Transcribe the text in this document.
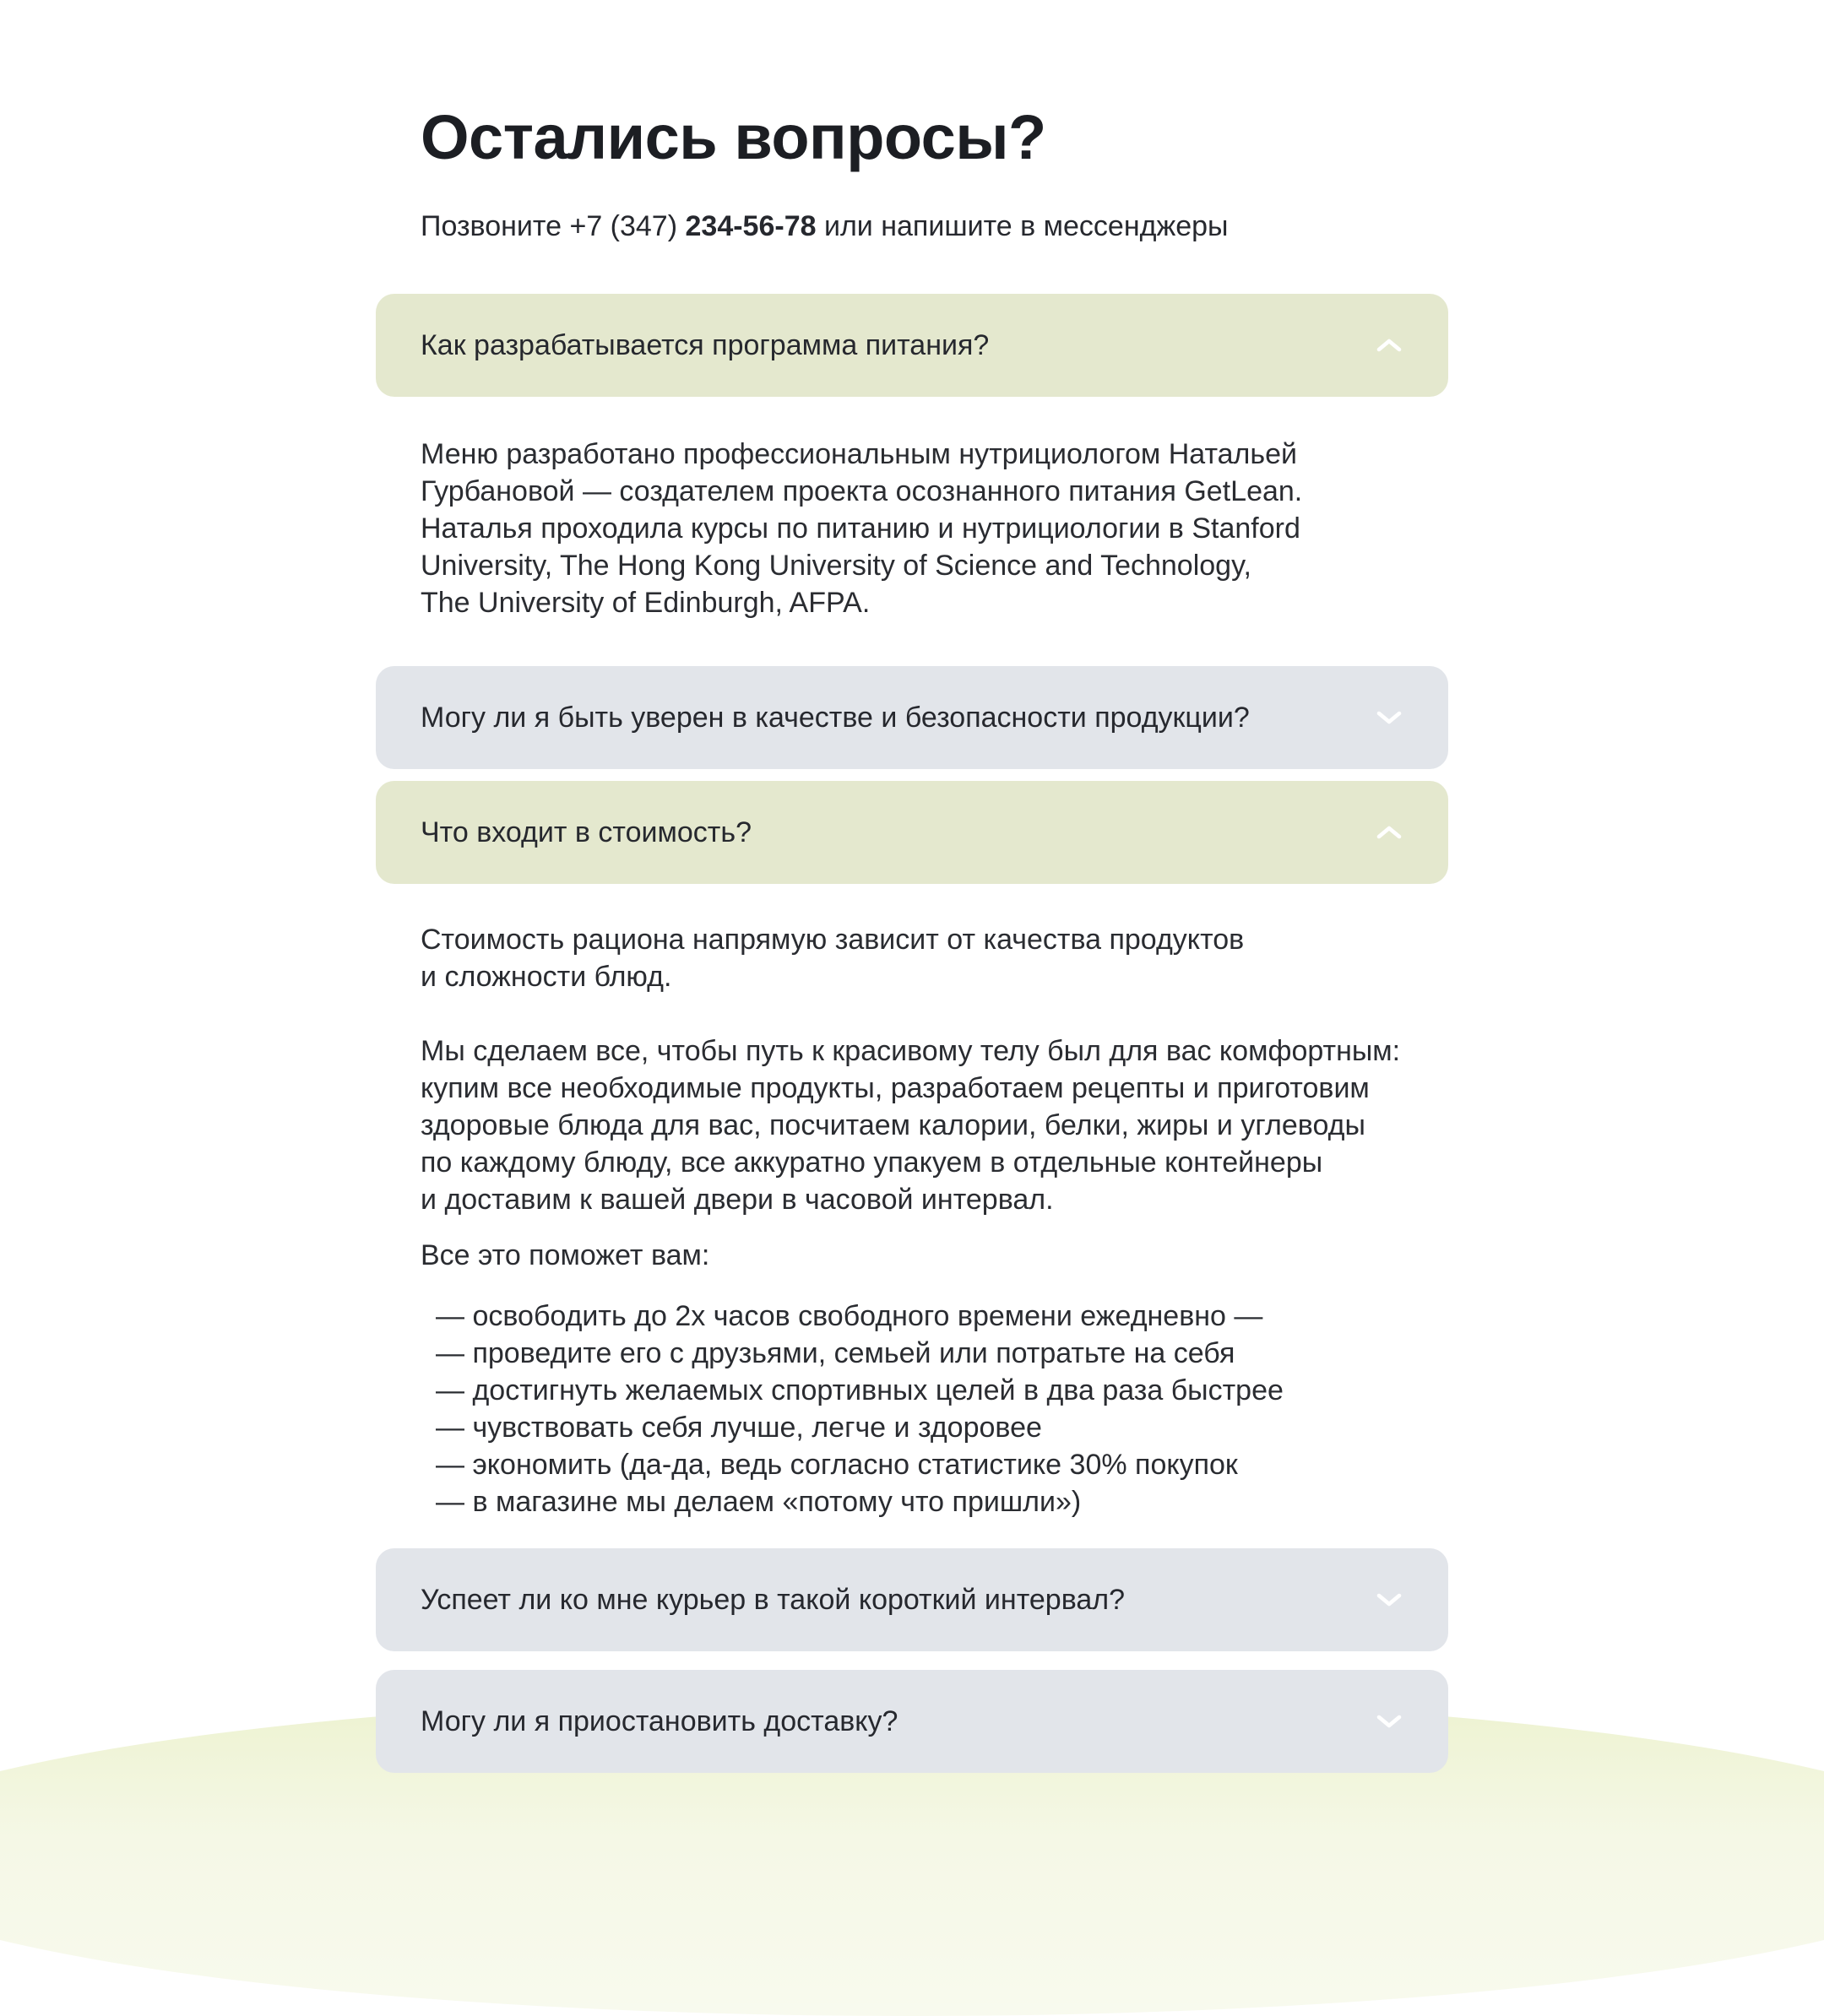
Остались вопросы?
Позвоните +7 (347) 234-56-78 или напишите в мессенджеры
Как разрабатывается программа питания?
Меню разработано профессиональным нутрициологом Натальей
Гурбановой — создателем проекта осознанного питания GetLean.
Наталья проходила курсы по питанию и нутрициологии в Stanford
University, The Hong Kong University of Science and Technology,
The University of Edinburgh, AFPA.
Могу ли я быть уверен в качестве и безопасности продукции?
Что входит в стоимость?
Стоимость рациона напрямую зависит от качества продуктов
и сложности блюд.
Мы сделаем все, чтобы путь к красивому телу был для вас комфортным:
купим все необходимые продукты, разработаем рецепты и приготовим
здоровые блюда для вас, посчитаем калории, белки, жиры и углеводы
по каждому блюду, все аккуратно упакуем в отдельные контейнеры
и доставим к вашей двери в часовой интервал.
Все это поможет вам:
— освободить до 2х часов свободного времени ежедневно —
— проведите его с друзьями, семьей или потратьте на себя
— достигнуть желаемых спортивных целей в два раза быстрее
— чувствовать себя лучше, легче и здоровее
— экономить (да-да, ведь согласно статистике 30% покупок
— в магазине мы делаем «потому что пришли»)
Успеет ли ко мне курьер в такой короткий интервал?
Могу ли я приостановить доставку?
